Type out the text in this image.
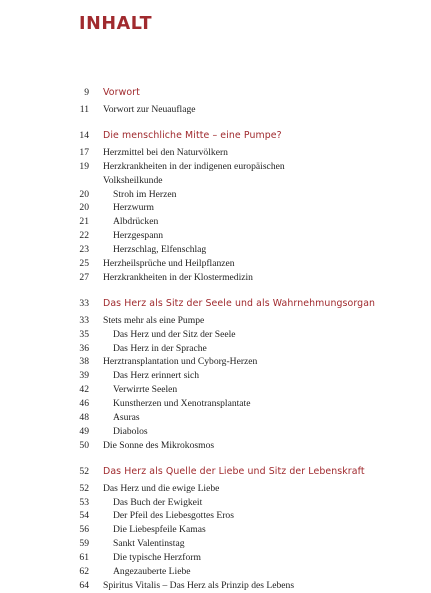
INHALT
9 Vorwort
11 Vorwort zur Neuauflage
14 Die menschliche Mitte – eine Pumpe?
17 Herzmittel bei den Naturvölkern
19 Herzkrankheiten in der indigenen europäischen
Volksheilkunde
20	Stroh im Herzen
20	Herzwurm
21	Albdrücken
22	Herzgespann
23	Herzschlag, Elfenschlag
25 Herzheilsprüche und Heilpflanzen
27 Herzkrankheiten in der Klostermedizin
33 Das Herz als Sitz der Seele und als Wahrnehmungsorgan
33 Stets mehr als eine Pumpe
35	Das Herz und der Sitz der Seele
36	Das Herz in der Sprache
38 Herztransplantation und Cyborg-Herzen
39	Das Herz erinnert sich
42	Verwirrte Seelen
46	Kunstherzen und Xenotransplantate
48	Asuras
49	Diabolos
50 Die Sonne des Mikrokosmos
52 Das Herz als Quelle der Liebe und Sitz der Lebenskraft
52 Das Herz und die ewige Liebe
53	Das Buch der Ewigkeit
54	Der Pfeil des Liebesgottes Eros
56	Die Liebespfeile Kamas
59	Sankt Valentinstag
61	Die typische Herzform
62	Angezauberte Liebe
64 Spiritus Vitalis – Das Herz als Prinzip des Lebens
